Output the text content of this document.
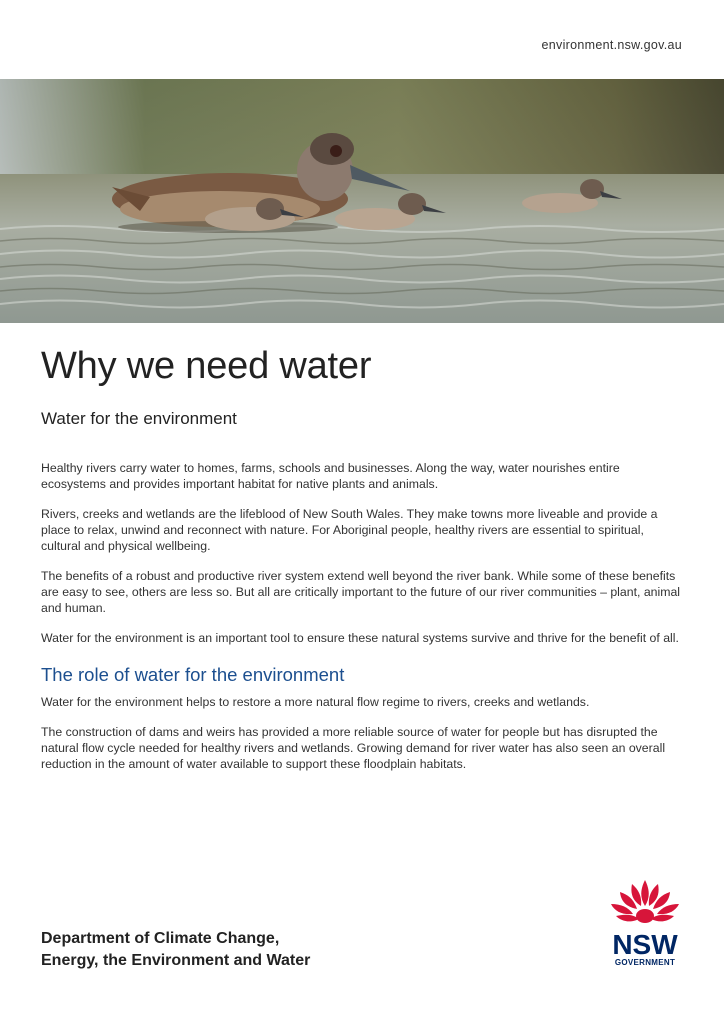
environment.nsw.gov.au
Why we need water
Water for the environment

Healthy rivers carry water to homes, farms, schools and businesses. Along the way, water nourishes entire ecosystems and provides important habitat for native plants and animals.

Rivers, creeks and wetlands are the lifeblood of New South Wales. They make towns more liveable and provide a place to relax, unwind and reconnect with nature. For Aboriginal people, healthy rivers are essential to spiritual, cultural and physical wellbeing.

The benefits of a robust and productive river system extend well beyond the river bank. While some of these benefits are easy to see, others are less so. But all are critically important to the future of our river communities – plant, animal and human.

Water for the environment is an important tool to ensure these natural systems survive and thrive for the benefit of all.

The role of water for the environment

Water for the environment helps to restore a more natural flow regime to rivers, creeks and wetlands.

The construction of dams and weirs has provided a more reliable source of water for people but has disrupted the natural flow cycle needed for healthy rivers and wetlands. Growing demand for river water has also seen an overall reduction in the amount of water available to support these floodplain habitats.

Department of Climate Change,
Energy, the Environment and Water
NSW
GOVERNMENT
